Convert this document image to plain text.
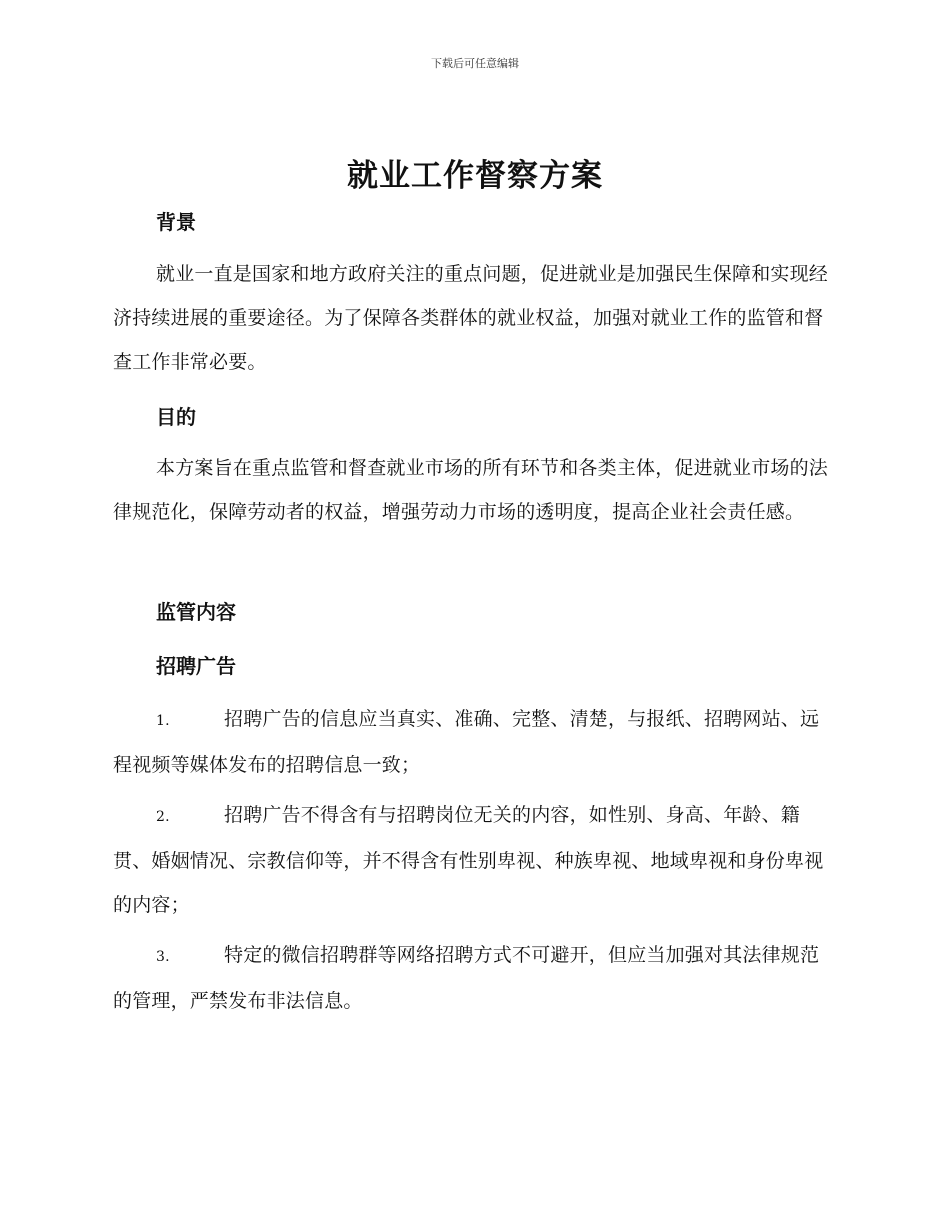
下载后可任意编辑
就业工作督察方案
背景
就业一直是国家和地方政府关注的重点问题，促进就业是加强民生保障和实现经济持续进展的重要途径。为了保障各类群体的就业权益，加强对就业工作的监管和督查工作非常必要。
目的
本方案旨在重点监管和督查就业市场的所有环节和各类主体，促进就业市场的法律规范化，保障劳动者的权益，增强劳动力市场的透明度，提高企业社会责任感。
监管内容
招聘广告
1.	招聘广告的信息应当真实、准确、完整、清楚，与报纸、招聘网站、远程视频等媒体发布的招聘信息一致；
2.	招聘广告不得含有与招聘岗位无关的内容，如性别、身高、年龄、籍贯、婚姻情况、宗教信仰等，并不得含有性别卑视、种族卑视、地域卑视和身份卑视的内容；
3.	特定的微信招聘群等网络招聘方式不可避开，但应当加强对其法律规范的管理，严禁发布非法信息。
